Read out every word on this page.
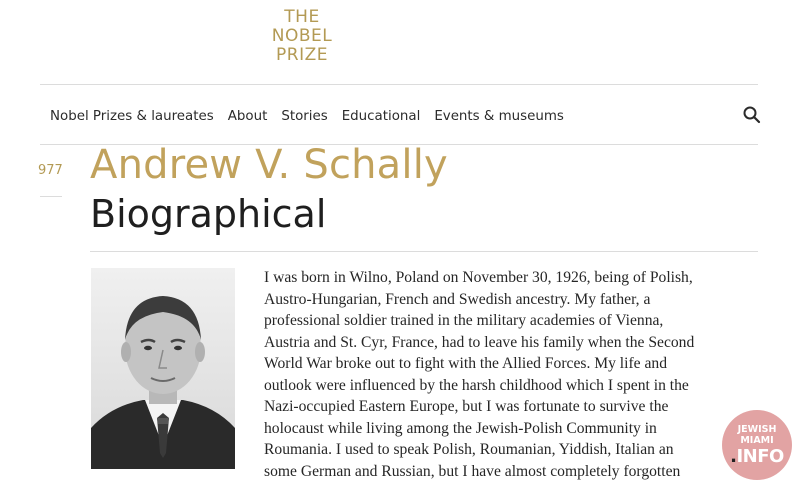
THE
NOBEL
PRIZE
Nobel Prizes & laureates About Stories Educational Events & museums
977 Andrew V. Schally
Biographical
I was born in Wilno, Poland on November 30, 1926, being of Polish,
Austro-Hungarian, French and Swedish ancestry. My father, a
professional soldier trained in the military academies of Vienna,
Austria and St. Cyr, France, had to leave his family when the Second
World War broke out to fight with the Allied Forces. My life and
outlook were influenced by the harsh childhood which I spent in the
Nazi-occupied Eastern Europe, but I was fortunate to survive the
holocaust while living among the Jewish-Polish Community in
Roumania. I used to speak Polish, Roumanian, Yiddish, Italian an
some German and Russian, but I have almost completely forgotten
JEWISH
MIAMI
.INFO
